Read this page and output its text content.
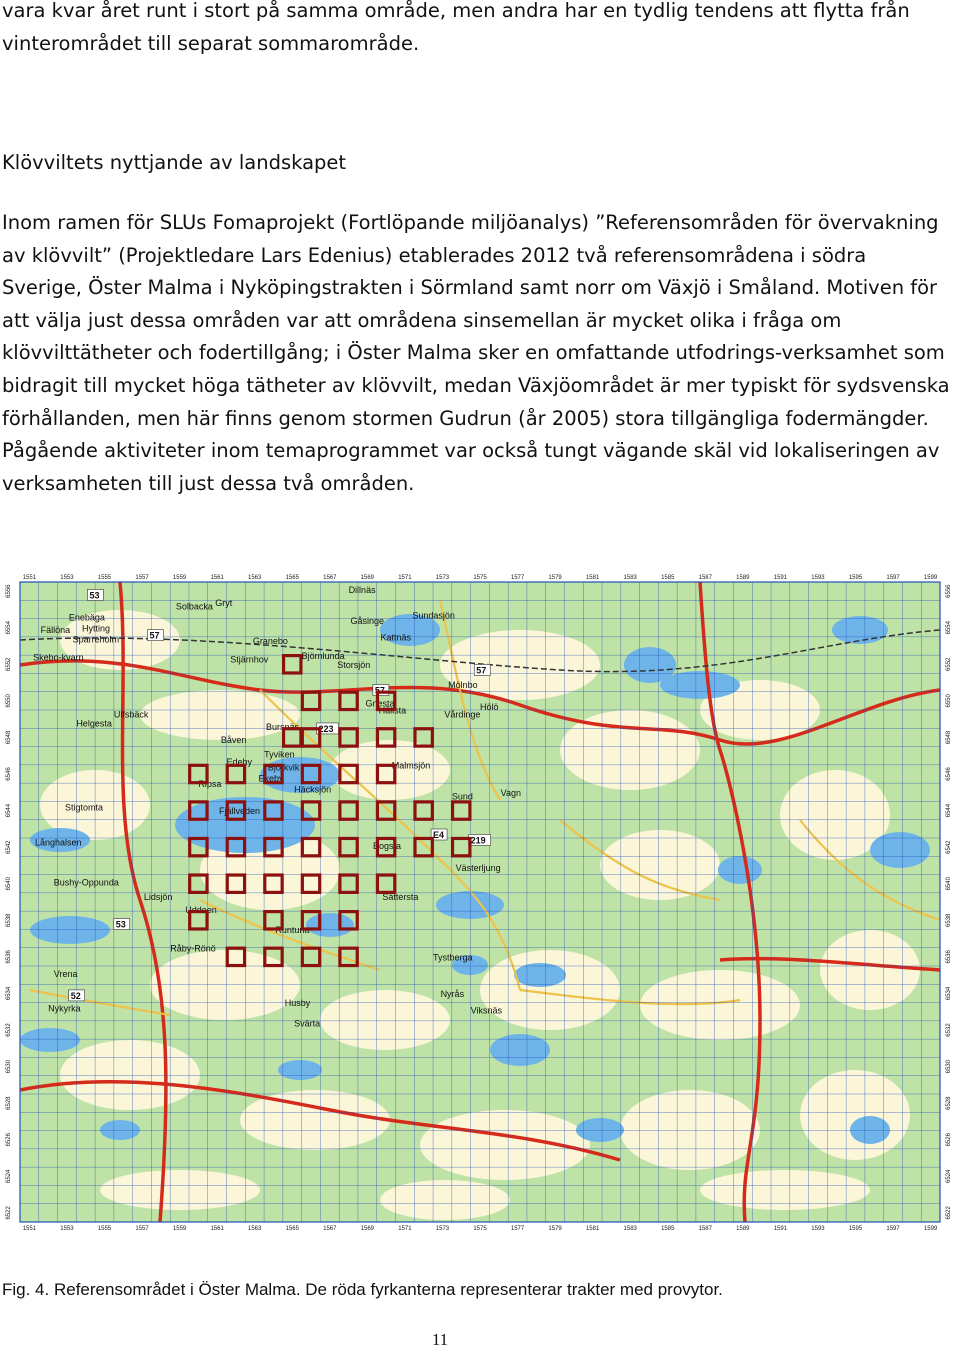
vara kvar året runt i stort på samma område, men andra har en tydlig tendens att flytta från vinterområdet till separat sommarområde.

Klövviltets nyttjande av landskapet

Inom ramen för SLUs Fomaprojekt (Fortlöpande miljöanalys) ”Referensområden för övervakning av klövvilt” (Projektledare Lars Edenius) etablerades 2012 två referensområdena i södra Sverige, Öster Malma i Nyköpingstrakten i Sörmland samt norr om Växjö i Småland. Motiven för att välja just dessa områden var att områdena sinsemellan är mycket olika i fråga om klövvilttätheter och fodertillgång; i Öster Malma sker en omfattande utfodrings-verksamhet som bidragit till mycket höga tätheter av klövvilt, medan Växjöområdet är mer typiskt för sydsvenska förhållanden, men här finns genom stormen Gudrun (år 2005) stora tillgängliga fodermängder. Pågående aktiviteter inom temaprogrammet var också tungt vägande skäl vid lokaliseringen av verksamheten till just dessa två områden.

1551
1551
1553
1553
1555
1555
1557
1557
1559
1559
1561
1561
1563
1563
1565
1565
1567
1567
1569
1569
1571
1571
1573
1573
1575
1575
1577
1577
1579
1579
1581
1581
1583
1583
1585
1585
1587
1587
1589
1589
1591
1591
1593
1593
1595
1595
1597
1597
1599
1599
6556	6556
6554	6554
6552	6552
6550	6550
6548	6548
6546	6546
6544	6544
6542	6542
6540	6540
6538	6538
6536	6536
6534	6534
6532	6532
6530	6530
6528	6528
6526	6526
6524	6524
6522	6522
Gryt
Solbacka
Enebäga
Hytting
Fällöna
Sparreholm
Skebo-kvarn
Granebo
Stjärnhov	Björnlunda
Dillnäs
Gåsinge
Kattnäs
Sundasjön
Storsjön
Mölnbo
Hölö
Gnesta
Hållsta	Vårdinge
Ulfsbäck
Helgesta	Bursnäs
Båven
Tyviken
Björkvik
Edeby
Ekeby
Ripsa
Häcksjön
Malmsjön
Sund	Vagn
Fjällveden
Stigtomta
Långhalsen	Bogsta
Västerljung
Bushy-Oppunda
Lidsjön
Uddeen
Runtuna
Sättersta
Tystberga
Råby-Rönö
Vrena
Nykyrka
Husby
Svärta
Nyrås
Viksnäs
53
57
57
57
223
E4
219
53
52

Fig. 4. Referensområdet i Öster Malma. De röda fyrkanterna representerar trakter med provytor.

11
